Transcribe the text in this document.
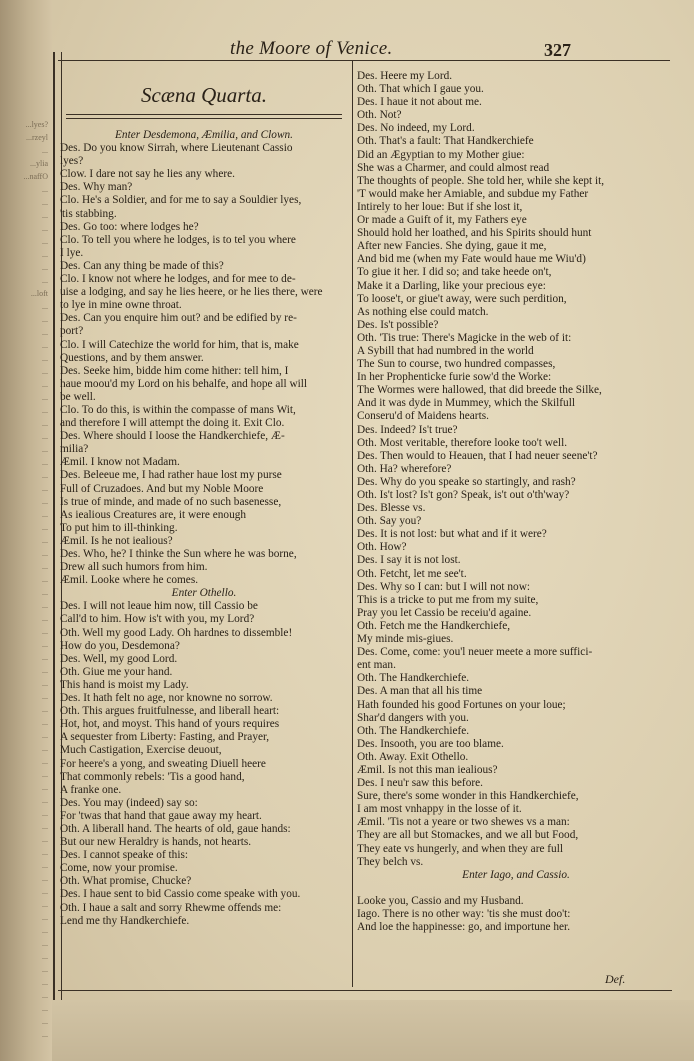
...lyes?
...rzeyl
...
...ylia
...naffO
...
...
...
...
...
...
...
...
...loft
...
...
...
...
...
...
...
...
...
...
...
...
...
...
...
...
...
...
...
...
...
...
...
...
...
...
...
...
...
...
...
...
...
...
...
...
...
...
...
...
...
...
...
...
...
...
...
...
...
...
...
...
...
...
...
...
...
the Moore of Venice.	327
Scæna Quarta.
Enter Desdemona, Æmilia, and Clown.
Des. Do you know Sirrah, where Lieutenant Cassio
lyes?
Clow. I dare not say he lies any where.
Des. Why man?
Clo. He's a Soldier, and for me to say a Souldier lyes,
'tis stabbing.
Des. Go too: where lodges he?
Clo. To tell you where he lodges, is to tel you where
I lye.
Des. Can any thing be made of this?
Clo. I know not where he lodges, and for mee to de-
uise a lodging, and say he lies heere, or he lies there, were
to lye in mine owne throat.
Des. Can you enquire him out? and be edified by re-
port?
Clo. I will Catechize the world for him, that is, make
Questions, and by them answer.
Des. Seeke him, bidde him come hither: tell him, I
haue moou'd my Lord on his behalfe, and hope all will
be well.
Clo. To do this, is within the compasse of mans Wit,
and therefore I will attempt the doing it. Exit Clo.
Des. Where should I loose the Handkerchiefe, Æ-
milia?
Æmil. I know not Madam.
Des. Beleeue me, I had rather haue lost my purse
Full of Cruzadoes. And but my Noble Moore
Is true of minde, and made of no such basenesse,
As iealious Creatures are, it were enough
To put him to ill-thinking.
Æmil. Is he not iealious?
Des. Who, he? I thinke the Sun where he was borne,
Drew all such humors from him.
Æmil. Looke where he comes.
Enter Othello.
Des. I will not leaue him now, till Cassio be
Call'd to him. How is't with you, my Lord?
Oth. Well my good Lady. Oh hardnes to dissemble!
How do you, Desdemona?
Des. Well, my good Lord.
Oth. Giue me your hand.
This hand is moist my Lady.
Des. It hath felt no age, nor knowne no sorrow.
Oth. This argues fruitfulnesse, and liberall heart:
Hot, hot, and moyst. This hand of yours requires
A sequester from Liberty: Fasting, and Prayer,
Much Castigation, Exercise deuout,
For heere's a yong, and sweating Diuell heere
That commonly rebels: 'Tis a good hand,
A franke one.
Des. You may (indeed) say so:
For 'twas that hand that gaue away my heart.
Oth. A liberall hand. The hearts of old, gaue hands:
But our new Heraldry is hands, not hearts.
Des. I cannot speake of this:
Come, now your promise.
Oth. What promise, Chucke?
Des. I haue sent to bid Cassio come speake with you.
Oth. I haue a salt and sorry Rhewme offends me:
Lend me thy Handkerchiefe.
Des. Heere my Lord.
Oth. That which I gaue you.
Des. I haue it not about me.
Oth. Not?
Des. No indeed, my Lord.
Oth. That's a fault: That Handkerchiefe
Did an Ægyptian to my Mother giue:
She was a Charmer, and could almost read
The thoughts of people. She told her, while she kept it,
'T would make her Amiable, and subdue my Father
Intirely to her loue: But if she lost it,
Or made a Guift of it, my Fathers eye
Should hold her loathed, and his Spirits should hunt
After new Fancies. She dying, gaue it me,
And bid me (when my Fate would haue me Wiu'd)
To giue it her. I did so; and take heede on't,
Make it a Darling, like your precious eye:
To loose't, or giue't away, were such perdition,
As nothing else could match.
Des. Is't possible?
Oth. 'Tis true: There's Magicke in the web of it:
A Sybill that had numbred in the world
The Sun to course, two hundred compasses,
In her Prophenticke furie sow'd the Worke:
The Wormes were hallowed, that did breede the Silke,
And it was dyde in Mummey, which the Skilfull
Conseru'd of Maidens hearts.
Des. Indeed? Is't true?
Oth. Most veritable, therefore looke too't well.
Des. Then would to Heauen, that I had neuer seene't?
Oth. Ha? wherefore?
Des. Why do you speake so startingly, and rash?
Oth. Is't lost? Is't gon? Speak, is't out o'th'way?
Des. Blesse vs.
Oth. Say you?
Des. It is not lost: but what and if it were?
Oth. How?
Des. I say it is not lost.
Oth. Fetcht, let me see't.
Des. Why so I can: but I will not now:
This is a tricke to put me from my suite,
Pray you let Cassio be receiu'd againe.
Oth. Fetch me the Handkerchiefe,
My minde mis-giues.
Des. Come, come: you'l neuer meete a more suffici-
ent man.
Oth. The Handkerchiefe.
Des. A man that all his time
Hath founded his good Fortunes on your loue;
Shar'd dangers with you.
Oth. The Handkerchiefe.
Des. Insooth, you are too blame.
Oth. Away. Exit Othello.
Æmil. Is not this man iealious?
Des. I neu'r saw this before.
Sure, there's some wonder in this Handkerchiefe,
I am most vnhappy in the losse of it.
Æmil. 'Tis not a yeare or two shewes vs a man:
They are all but Stomackes, and we all but Food,
They eate vs hungerly, and when they are full
They belch vs.
Enter Iago, and Cassio.
Looke you, Cassio and my Husband.
Iago. There is no other way: 'tis she must doo't:
And loe the happinesse: go, and importune her.
Def.
